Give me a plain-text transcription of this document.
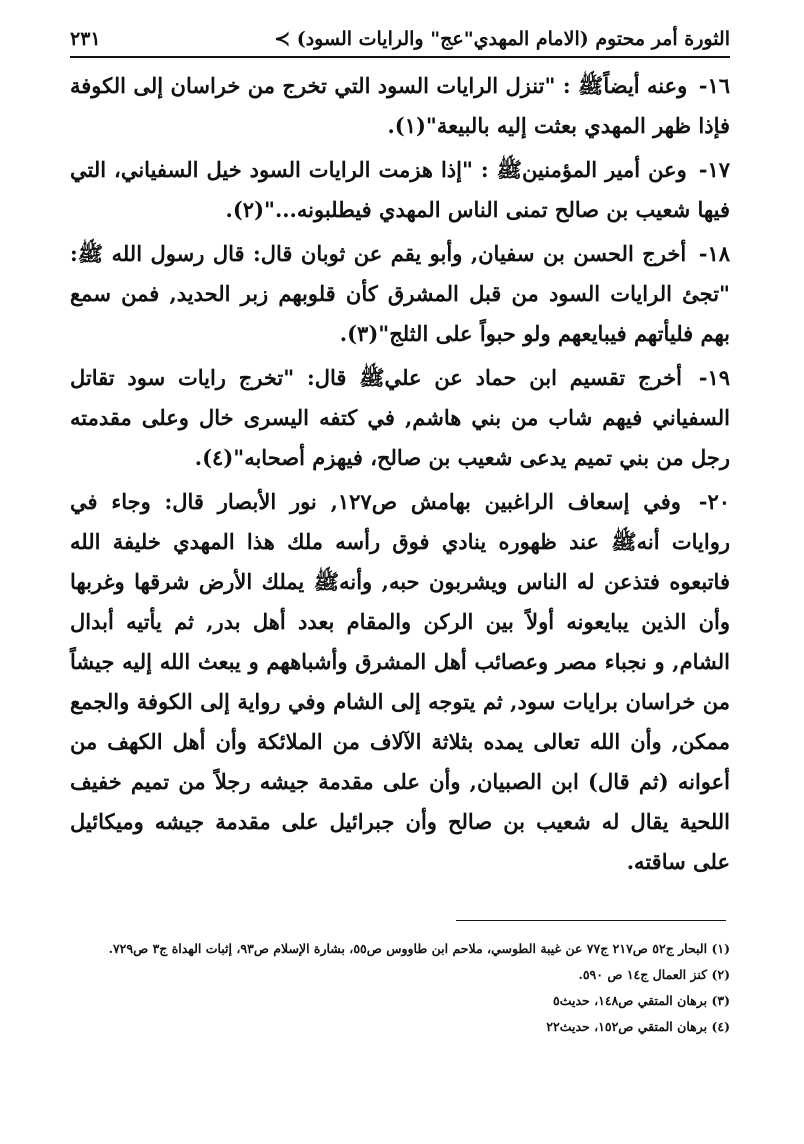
الثورة أمر محتوم (الامام المهدي"عج" والرايات السود) ≻
٢٣١

١٦- وعنه أيضاًﷺ : "تنزل الرايات السود التي تخرج من خراسان إلى الكوفة فإذا ظهر المهدي بعثت إليه بالبيعة"(١).

١٧- وعن أمير المؤمنينﷺ : "إذا هزمت الرايات السود خيل السفياني، التي فيها شعيب بن صالح تمنى الناس المهدي فيطلبونه..."(٢).

١٨- أخرج الحسن بن سفيان, وأبو يقم عن ثوبان قال: قال رسول الله ﷺ: "تجئ الرايات السود من قبل المشرق كأن قلوبهم زبر الحديد, فمن سمع بهم فليأتهم فيبايعهم ولو حبواً على الثلج"(٣).

١٩- أخرج تقسيم ابن حماد عن عليﷺ قال: "تخرج رايات سود تقاتل السفياني فيهم شاب من بني هاشم, في كتفه اليسرى خال وعلى مقدمته رجل من بني تميم يدعى شعيب بن صالح، فيهزم أصحابه"(٤).

٢٠- وفي إسعاف الراغبين بهامش ص١٢٧, نور الأبصار قال: وجاء في روايات أنهﷺ عند ظهوره ينادي فوق رأسه ملك هذا المهدي خليفة الله فاتبعوه فتذعن له الناس ويشربون حبه, وأنهﷺ يملك الأرض شرقها وغربها وأن الذين يبايعونه أولاً بين الركن والمقام بعدد أهل بدر, ثم يأتيه أبدال الشام, و نجباء مصر وعصائب أهل المشرق وأشباههم و يبعث الله إليه جيشاً من خراسان برايات سود, ثم يتوجه إلى الشام وفي رواية إلى الكوفة والجمع ممكن, وأن الله تعالى يمده بثلاثة الآلاف من الملائكة وأن أهل الكهف من أعوانه (ثم قال) ابن الصبيان, وأن على مقدمة جيشه رجلاً من تميم خفيف اللحية يقال له شعيب بن صالح وأن جبرائيل على مقدمة جيشه وميكائيل على ساقته.

(١) البحار ج٥٢ ص٢١٧ ج٧٧ عن غيبة الطوسي، ملاحم ابن طاووس ص٥٥، بشارة الإسلام ص٩٣، إثبات الهداة ج٣ ص٧٢٩.

(٢) كنز العمال ج١٤ ص ٥٩٠.

(٣) برهان المتقي ص١٤٨، حديث٥

(٤) برهان المتقي ص١٥٢، حديث٢٢
